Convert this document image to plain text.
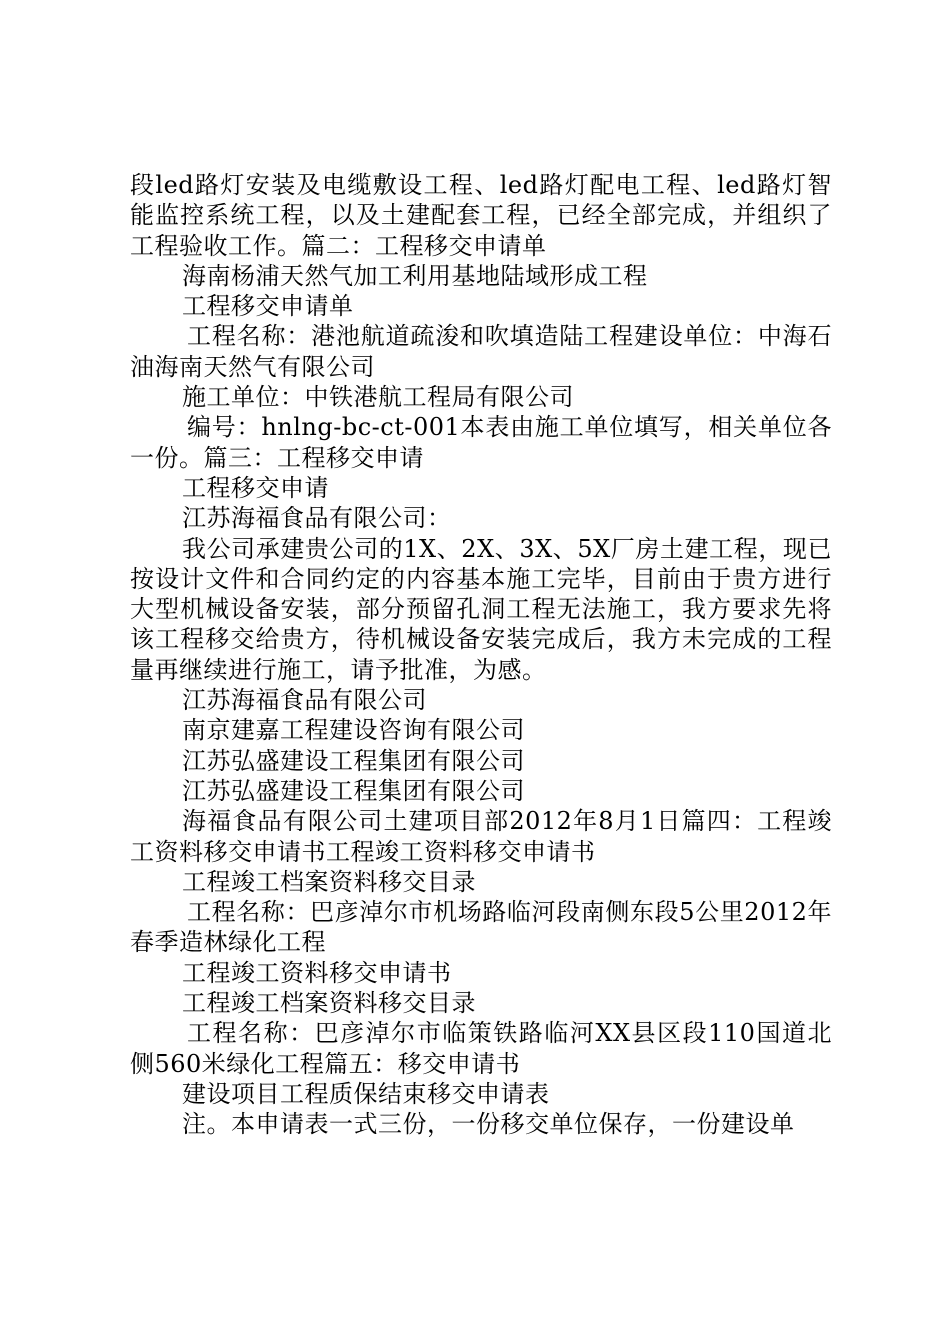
段led路灯安装及电缆敷设工程、led路灯配电工程、led路灯智能监控系统工程，以及土建配套工程，已经全部完成，并组织了工程验收工作。篇二：工程移交申请单

海南杨浦天然气加工利用基地陆域形成工程

工程移交申请单

工程名称：港池航道疏浚和吹填造陆工程建设单位：中海石油海南天然气有限公司

施工单位：中铁港航工程局有限公司

编号：hnlng-bc-ct-001本表由施工单位填写，相关单位各一份。篇三：工程移交申请

工程移交申请

江苏海福食品有限公司：

我公司承建贵公司的1X、2X、3X、5X厂房土建工程，现已按设计文件和合同约定的内容基本施工完毕，目前由于贵方进行大型机械设备安装，部分预留孔洞工程无法施工，我方要求先将该工程移交给贵方，待机械设备安装完成后，我方未完成的工程量再继续进行施工，请予批准，为感。

江苏海福食品有限公司

南京建嘉工程建设咨询有限公司

江苏弘盛建设工程集团有限公司

江苏弘盛建设工程集团有限公司

海福食品有限公司土建项目部2012年8月1日篇四：工程竣工资料移交申请书工程竣工资料移交申请书

工程竣工档案资料移交目录

工程名称：巴彦淖尔市机场路临河段南侧东段5公里2012年春季造林绿化工程

工程竣工资料移交申请书

工程竣工档案资料移交目录

工程名称：巴彦淖尔市临策铁路临河XX县区段110国道北侧560米绿化工程篇五：移交申请书

建设项目工程质保结束移交申请表

注。本申请表一式三份，一份移交单位保存，一份建设单
